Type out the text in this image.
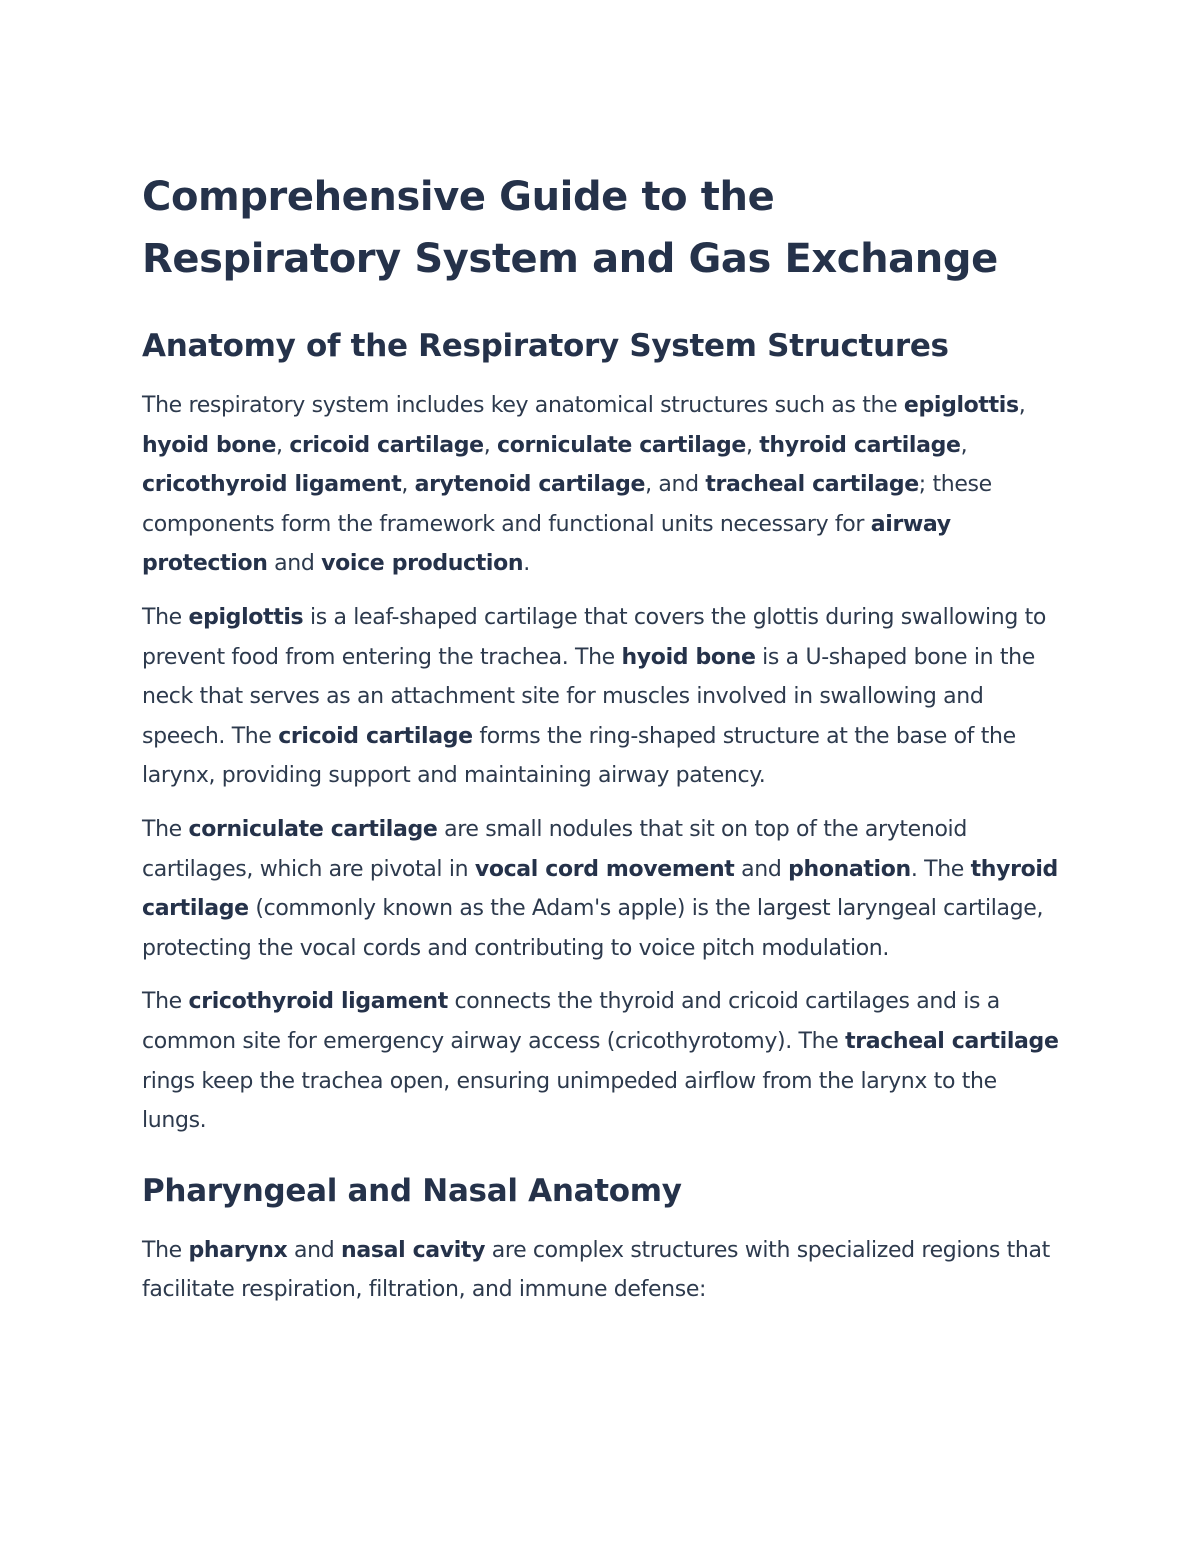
Comprehensive Guide to the
Respiratory System and Gas Exchange
Anatomy of the Respiratory System Structures

The respiratory system includes key anatomical structures such as the epiglottis, hyoid bone, cricoid cartilage, corniculate cartilage, thyroid cartilage, cricothyroid ligament, arytenoid cartilage, and tracheal cartilage; these components form the framework and functional units necessary for airway protection and voice production.

The epiglottis is a leaf-shaped cartilage that covers the glottis during swallowing to prevent food from entering the trachea. The hyoid bone is a U-shaped bone in the neck that serves as an attachment site for muscles involved in swallowing and speech. The cricoid cartilage forms the ring-shaped structure at the base of the larynx, providing support and maintaining airway patency.

The corniculate cartilage are small nodules that sit on top of the arytenoid cartilages, which are pivotal in vocal cord movement and phonation. The thyroid cartilage (commonly known as the Adam's apple) is the largest laryngeal cartilage, protecting the vocal cords and contributing to voice pitch modulation.

The cricothyroid ligament connects the thyroid and cricoid cartilages and is a common site for emergency airway access (cricothyrotomy). The tracheal cartilage rings keep the trachea open, ensuring unimpeded airflow from the larynx to the lungs.

Pharyngeal and Nasal Anatomy

The pharynx and nasal cavity are complex structures with specialized regions that facilitate respiration, filtration, and immune defense:
